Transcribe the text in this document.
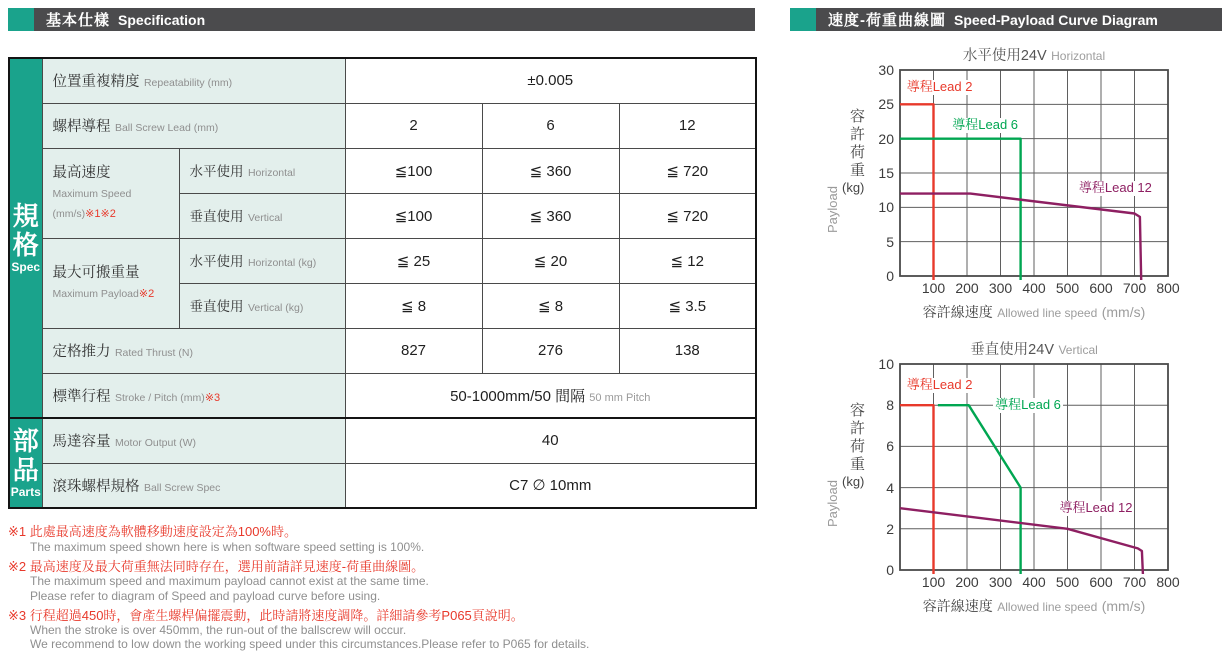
基本仕樣 Specification
規格
Spec	位置重複精度 Repeatability (mm)		±0.005		
	螺桿導程 Ball Screw Lead (mm)		2	6	12

	最高速度
Maximum Speed
(mm/s)※1※2	水平使用 Horizontal	≦100	≦ 360	≦ 720
		垂直使用 Vertical	≦100	≦ 360	≦ 720

	最大可搬重量
Maximum Payload※2	水平使用 Horizontal (kg)	≦ 25	≦ 20	≦ 12
		垂直使用 Vertical (kg)	≦ 8	≦ 8	≦ 3.5
	定格推力 Rated Thrust (N)		827	276	138
	標準行程 Stroke / Pitch (mm)※3		50-1000mm/50 間隔 50 mm Pitch		

部品
Parts	馬達容量 Motor Output (W)		40		
	滾珠螺桿規格 Ball Screw Spec		C7 ∅ 10mm		
※1 此處最高速度為軟體移動速度設定為100%時。
The maximum speed shown here is when software speed setting is 100%.
※2 最高速度及最大荷重無法同時存在，選用前請詳見速度-荷重曲線圖。
The maximum speed and maximum payload cannot exist at the same time.
Please refer to diagram of Speed and payload curve before using.
※3 行程超過450時，會產生螺桿偏擺震動，此時請將速度調降。詳細請參考P065頁說明。
When the stroke is over 450mm, the run-out of the ballscrew will occur.
We recommend to low down the working speed under this circumstances.Please refer to P065 for details.
速度-荷重曲線圖 Speed-Payload Curve Diagram
水平使用24V Horizontal
容許荷重
(kg)
Payload
容許線速度 Allowed line speed (mm/s)
100 200 300 400 500 600 700 800
0
5
10
15
20
25
30
導程Lead 2
導程Lead 6
導程Lead 12
垂直使用24V Vertical
容許荷重
(kg)
Payload
容許線速度 Allowed line speed (mm/s)
100 200 300 400 500 600 700 800
0
2
4
6
8
10
導程Lead 2
導程Lead 6
導程Lead 12
